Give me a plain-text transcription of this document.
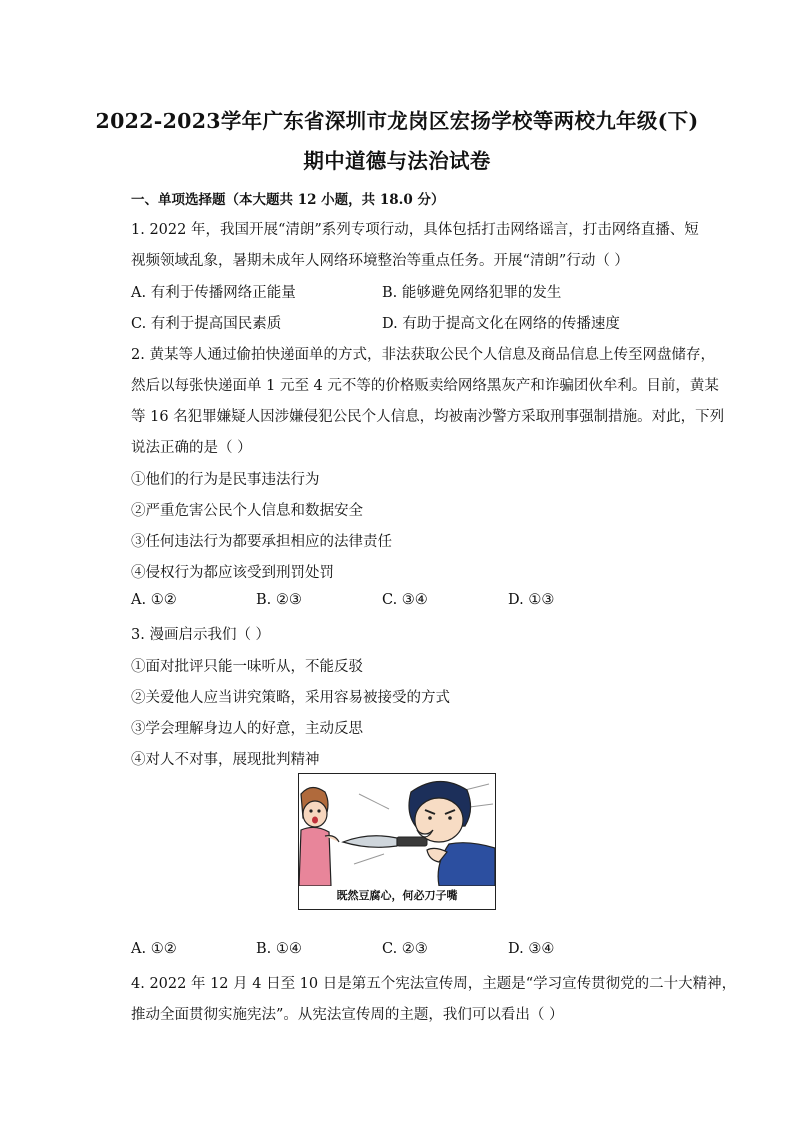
2022-2023学年广东省深圳市龙岗区宏扬学校等两校九年级(下)
期中道德与法治试卷
一、单项选择题（本大题共 12 小题，共 18.0 分）
1. 2022 年，我国开展“清朗”系列专项行动，具体包括打击网络谣言，打击网络直播、短
视频领域乱象，暑期未成年人网络环境整治等重点任务。开展“清朗”行动（ ）
A. 有利于传播网络正能量	B. 能够避免网络犯罪的发生
C. 有利于提高国民素质	D. 有助于提高文化在网络的传播速度
2. 黄某等人通过偷拍快递面单的方式，非法获取公民个人信息及商品信息上传至网盘储存，
然后以每张快递面单 1 元至 4 元不等的价格贩卖给网络黑灰产和诈骗团伙牟利。目前，黄某
等 16 名犯罪嫌疑人因涉嫌侵犯公民个人信息，均被南沙警方采取刑事强制措施。对此，下列
说法正确的是（ ）
①他们的行为是民事违法行为
②严重危害公民个人信息和数据安全
③任何违法行为都要承担相应的法律责任
④侵权行为都应该受到刑罚处罚
A. ①②	B. ②③	C. ③④	D. ①③
3. 漫画启示我们（ ）
①面对批评只能一味听从，不能反驳
②关爱他人应当讲究策略，采用容易被接受的方式
③学会理解身边人的好意，主动反思
④对人不对事，展现批判精神
既然豆腐心，何必刀子嘴
A. ①②	B. ①④	C. ②③	D. ③④
4. 2022 年 12 月 4 日至 10 日是第五个宪法宣传周，主题是“学习宣传贯彻党的二十大精神，
推动全面贯彻实施宪法”。从宪法宣传周的主题，我们可以看出（ ）
